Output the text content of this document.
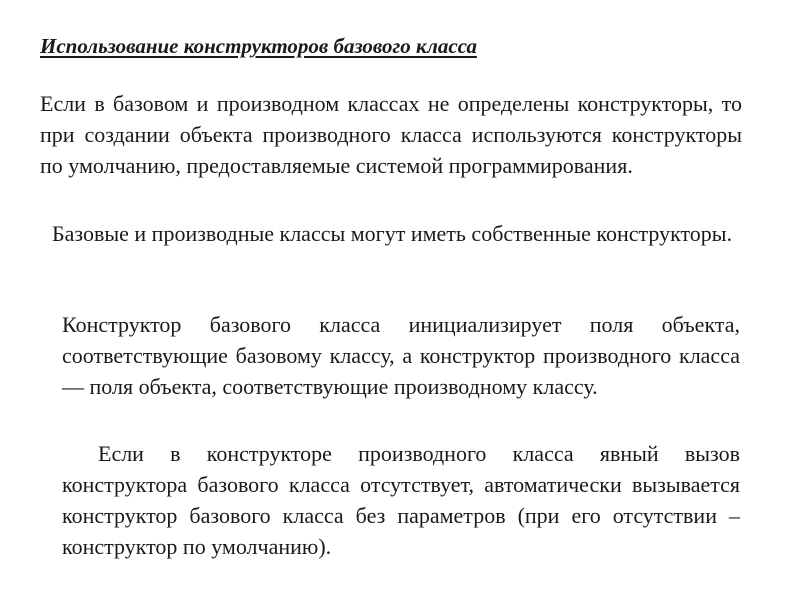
Использование конструкторов базового класса

Если в базовом и производном классах не определены конструкторы, то при создании объекта производного класса используются конструкторы по умолчанию, предоставляемые системой программирования.

Базовые и производные классы могут иметь собственные конструкторы.

Конструктор базового класса инициализирует поля объекта, соответствующие базовому классу, а конструктор производного класса — поля объекта, соответствующие производному классу.

Если в конструкторе производного класса явный вызов конструктора базового класса отсутствует, автоматически вызывается конструктор базового класса без параметров (при его отсутствии – конструктор по умолчанию).
